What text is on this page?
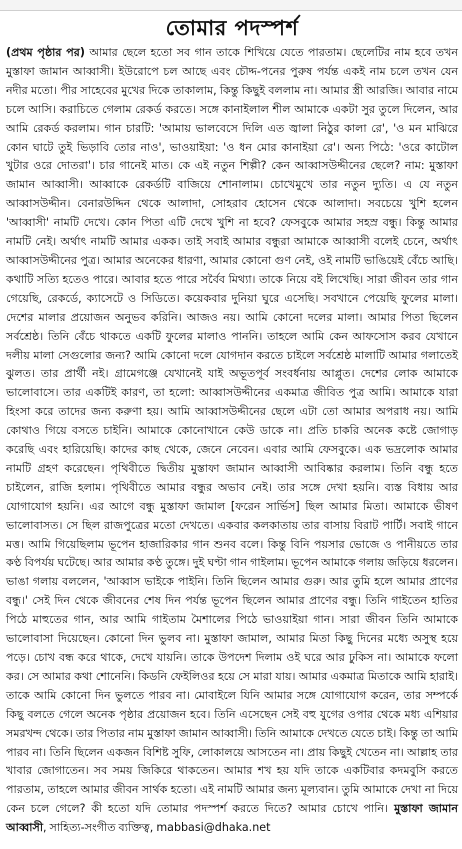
তোমার পদস্পর্শ

(প্রথম পৃষ্ঠার পর) আমার ছেলে হতো সব গান তাকে শিখিয়ে যেতে পারতাম। ছেলেটির নাম হবে তখন মুস্তাফা জামান আব্বাসী। ইউরোপে চল আছে এবং চৌদ্দ-পনের পুরুষ পর্যন্ত একই নাম চলে তখন যেন নদীর মতো। পীর সাহেবের মুখের দিকে তাকালাম, কিন্তু কিছুই বললাম না। আমার স্ত্রী আরজি। আবার নামে চলে আসি। করাচিতে গেলাম রেকর্ড করতে। সঙ্গে কানাইলাল শীল আমাকে একটা সুর তুলে দিলেন, আর আমি রেকর্ড করলাম। গান চারটি: 'আমায় ভালবেসে দিলি এত জ্বালা নিঠুর কালা রে', 'ও মন মাঝিরে কোন ঘাটে তুই ভিড়াবি তোর নাও', ভাওয়াইয়া: 'ও ধন মোর কানাইয়া রে'। অন্য পিঠে: 'ওরে কাটোল খুটার ওরে দোতরা'। চার গানেই মাত। কে এই নতুন শিল্পী? কেন আব্বাসউদ্দীনের ছেলে? নাম: মুস্তাফা জামান আব্বাসী। আব্বাকে রেকর্ডটি বাজিয়ে শোনালাম। চোখেমুখে তার নতুন দ্যুতি। এ যে নতুন আব্বাসউদ্দীন। বেনারউদ্দিন থেকে আলাদা, সোহরাব হোসেন থেকে আলাদা। সবচেয়ে খুশি হলেন 'আব্বাসী' নামটি দেখে। কোন পিতা এটি দেখে খুশি না হবে? ফেসবুকে আমার সহস্র বন্ধু। কিন্তু আমার নামটি নেই। অর্থাৎ নামটি আমার একক। তাই সবাই আমার বন্ধুরা আমাকে আব্বাসী বলেই চেনে, অর্থাৎ আব্বাসউদ্দীনের পুত্র। আমার অনেকের ধারণা, আমার কোনো গুণ নেই, ওই নামটি ভাঙিয়েই বেঁচে আছি। কথাটি সত্যি হতেও পারে। আবার হতে পারে সর্বৈব মিথ্যা। তাকে নিয়ে বই লিখেছি। সারা জীবন তার গান গেয়েছি, রেকর্ডে, ক্যাসেটে ও সিডিতে। কয়েকবার দুনিয়া ঘুরে এসেছি। সবখানে পেয়েছি ফুলের মালা। দেশের মালার প্রয়োজন অনুভব করিনি। আজও নয়। আমি কোনো দলের মালা। আমার পিতা ছিলেন সর্বশ্রেষ্ঠ। তিনি বেঁচে থাকতে একটি ফুলের মালাও পাননি। তাহলে আমি কেন আফসোস করব যেখানে দলীয় মালা সেগুলোর জন্য? আমি কোনো দলে যোগদান করতে চাইলে সর্বশ্রেষ্ঠ মালাটি আমার গলাতেই ঝুলত। তার প্রার্থী নই। গ্রামেগঞ্জে যেখানেই যাই অভূতপূর্ব সংবর্ধনায় আপ্লুত। দেশের লোক আমাকে ভালোবাসে। তার একটিই কারণ, তা হলো: আব্বাসউদ্দীনের একমাত্র জীবিত পুত্র আমি। আমাকে যারা হিংসা করে তাদের জন্য করুণা হয়। আমি আব্বাসউদ্দীনের ছেলে এটা তো আমার অপরাধ নয়। আমি কোথাও গিয়ে বসতে চাইনি। আমাকে কোনোখানে কেউ ডাকে না। প্রতি চাকরি অনেক কষ্টে জোগাড় করেছি এবং হারিয়েছি। কাদের কাছ থেকে, জেনে নেবেন। এবার আমি ফেসবুকে। এক ভদ্রলোক আমার নামটি গ্রহণ করেছেন। পৃথিবীতে দ্বিতীয় মুস্তাফা জামান আব্বাসী আবিষ্কার করলাম। তিনি বন্ধু হতে চাইলেন, রাজি হলাম। পৃথিবীতে আমার বন্ধুর অভাব নেই। তার সঙ্গে দেখা হয়নি। ব্যস্ত বিধায় আর যোগাযোগ হয়নি। এর আগে বন্ধু মুস্তাফা জামাল [ফরেন সার্ভিস] ছিল আমার মিতা। আমাকে ভীষণ ভালোবাসত। সে ছিল রাজপুত্রের মতো দেখতে। একবার কলকাতায় তার বাসায় বিরাট পার্টি। সবাই গানে মত্ত। আমি গিয়েছিলাম ভূপেন হাজারিকার গান শুনব বলে। কিন্তু বিনি পয়সার ভোজে ও পানীয়তে তার কণ্ঠ বিপর্যয় ঘটেছে। আর আমার কণ্ঠ তুঙ্গে। দুই ঘণ্টা গান গাইলাম। ভূপেন আমাকে গলায় জড়িয়ে ধরলেন। ভাঙা গলায় বললেন, 'আব্বাস ভাইকে পাইনি। তিনি ছিলেন আমার গুরু। আর তুমি হলে আমার প্রাণের বন্ধু।' সেই দিন থেকে জীবনের শেষ দিন পর্যন্ত ভূপেন ছিলেন আমার প্রাণের বন্ধু। তিনি গাইতেন হাতির পিঠে মাহুতের গান, আর আমি গাইতাম মৈশালের পিঠে ভাওয়াইয়া গান। সারা জীবন তিনি আমাকে ভালোবাসা দিয়েছেন। কোনো দিন ভুলব না। মুস্তাফা জামাল, আমার মিতা কিছু দিনের মধ্যে অসুস্থ হয়ে পড়ে। চোখ বন্ধ করে থাকে, দেখে যায়নি। তাকে উপদেশ দিলাম ওই ঘরে আর ঢুকিস না। আমাকে ফলো কর। সে আমার কথা শোনেনি। কিডনি ফেইলিওর হয়ে সে মারা যায়। আমার একমাত্র মিতাকে আমি হারাই। তাকে আমি কোনো দিন ভুলতে পারব না। মোবাইলে যিনি আমার সঙ্গে যোগাযোগ করেন, তার সম্পর্কে কিছু বলতে গেলে অনেক পৃষ্ঠার প্রয়োজন হবে। তিনি এসেছেন সেই বহু যুগের ওপার থেকে মধ্য এশিয়ার সমরখন্দ থেকে। তার পিতার নাম মুস্তাফা জামান আব্বাসী। তিনি আমাকে দেখতে যেতে চাই। কিন্তু তা আমি পারব না। তিনি ছিলেন একজন বিশিষ্ট সুফি, লোকালয়ে আসতেন না। প্রায় কিছুই খেতেন না। আল্লাহ তার খাবার জোগাতেন। সব সময় জিকিরে থাকতেন। আমার শখ হয় যদি তাকে একটিবার কদমবুসি করতে পারতাম, তাহলে আমার জীবন সার্থক হতো। এই নামটি আমার জন্য মূল্যবান। তুমি আমাকে দেখা না দিয়ে কেন চলে গেলে? কী হতো যদি তোমার পদস্পর্শ করতে দিতে? আমার চোখে পানি। মুস্তাফা জামান আব্বাসী, সাহিত্য-সংগীত ব্যক্তিত্ব, mabbasi@dhaka.net
